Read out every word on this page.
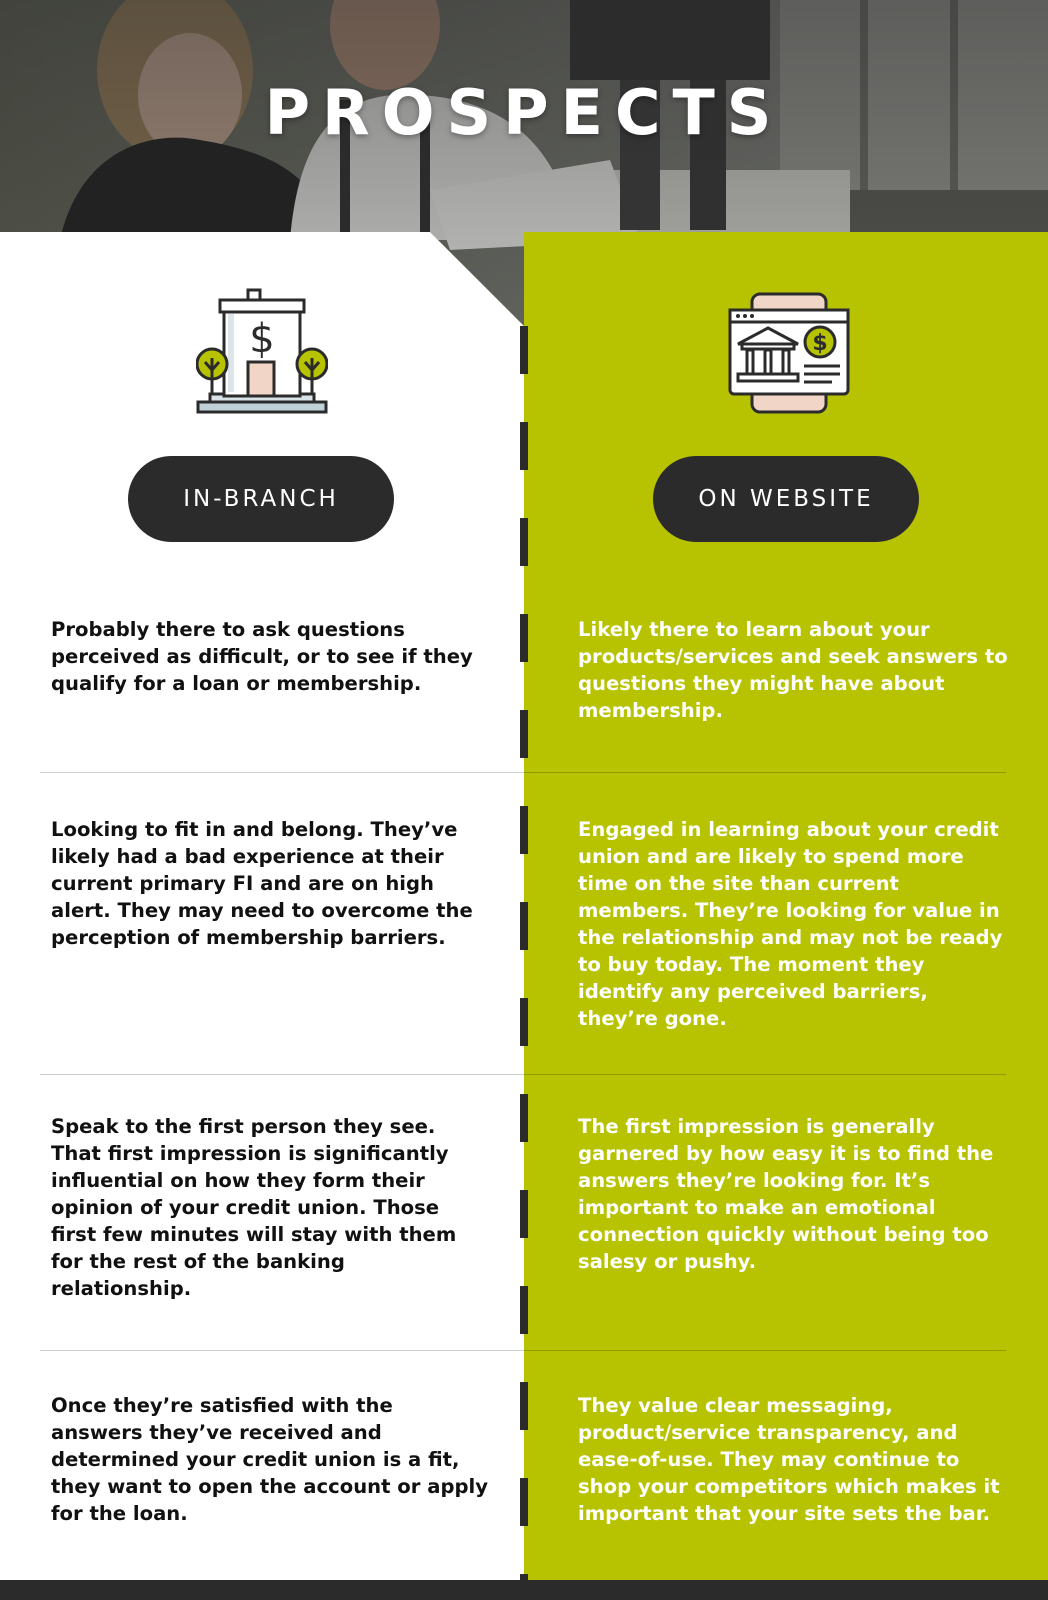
PROSPECTS
$	$
IN-BRANCH	ON WEBSITE

Probably there to ask questions perceived as difficult, or to see if they qualify for a loan or membership.

Likely there to learn about your products/services and seek answers to questions they might have about membership.

Looking to fit in and belong. They’ve likely had a bad experience at their current primary FI and are on high alert. They may need to overcome the perception of membership barriers.

Engaged in learning about your credit union and are likely to spend more time on the site than current members. They’re looking for value in the relationship and may not be ready to buy today. The moment they identify any perceived barriers, they’re gone.

Speak to the first person they see. That first impression is significantly influential on how they form their opinion of your credit union. Those first few minutes will stay with them for the rest of the banking relationship.

The first impression is generally garnered by how easy it is to find the answers they’re looking for. It’s important to make an emotional connection quickly without being too salesy or pushy.

Once they’re satisfied with the answers they’ve received and determined your credit union is a fit, they want to open the account or apply for the loan.

They value clear messaging, product/service transparency, and ease-of-use. They may continue to shop your competitors which makes it important that your site sets the bar.
